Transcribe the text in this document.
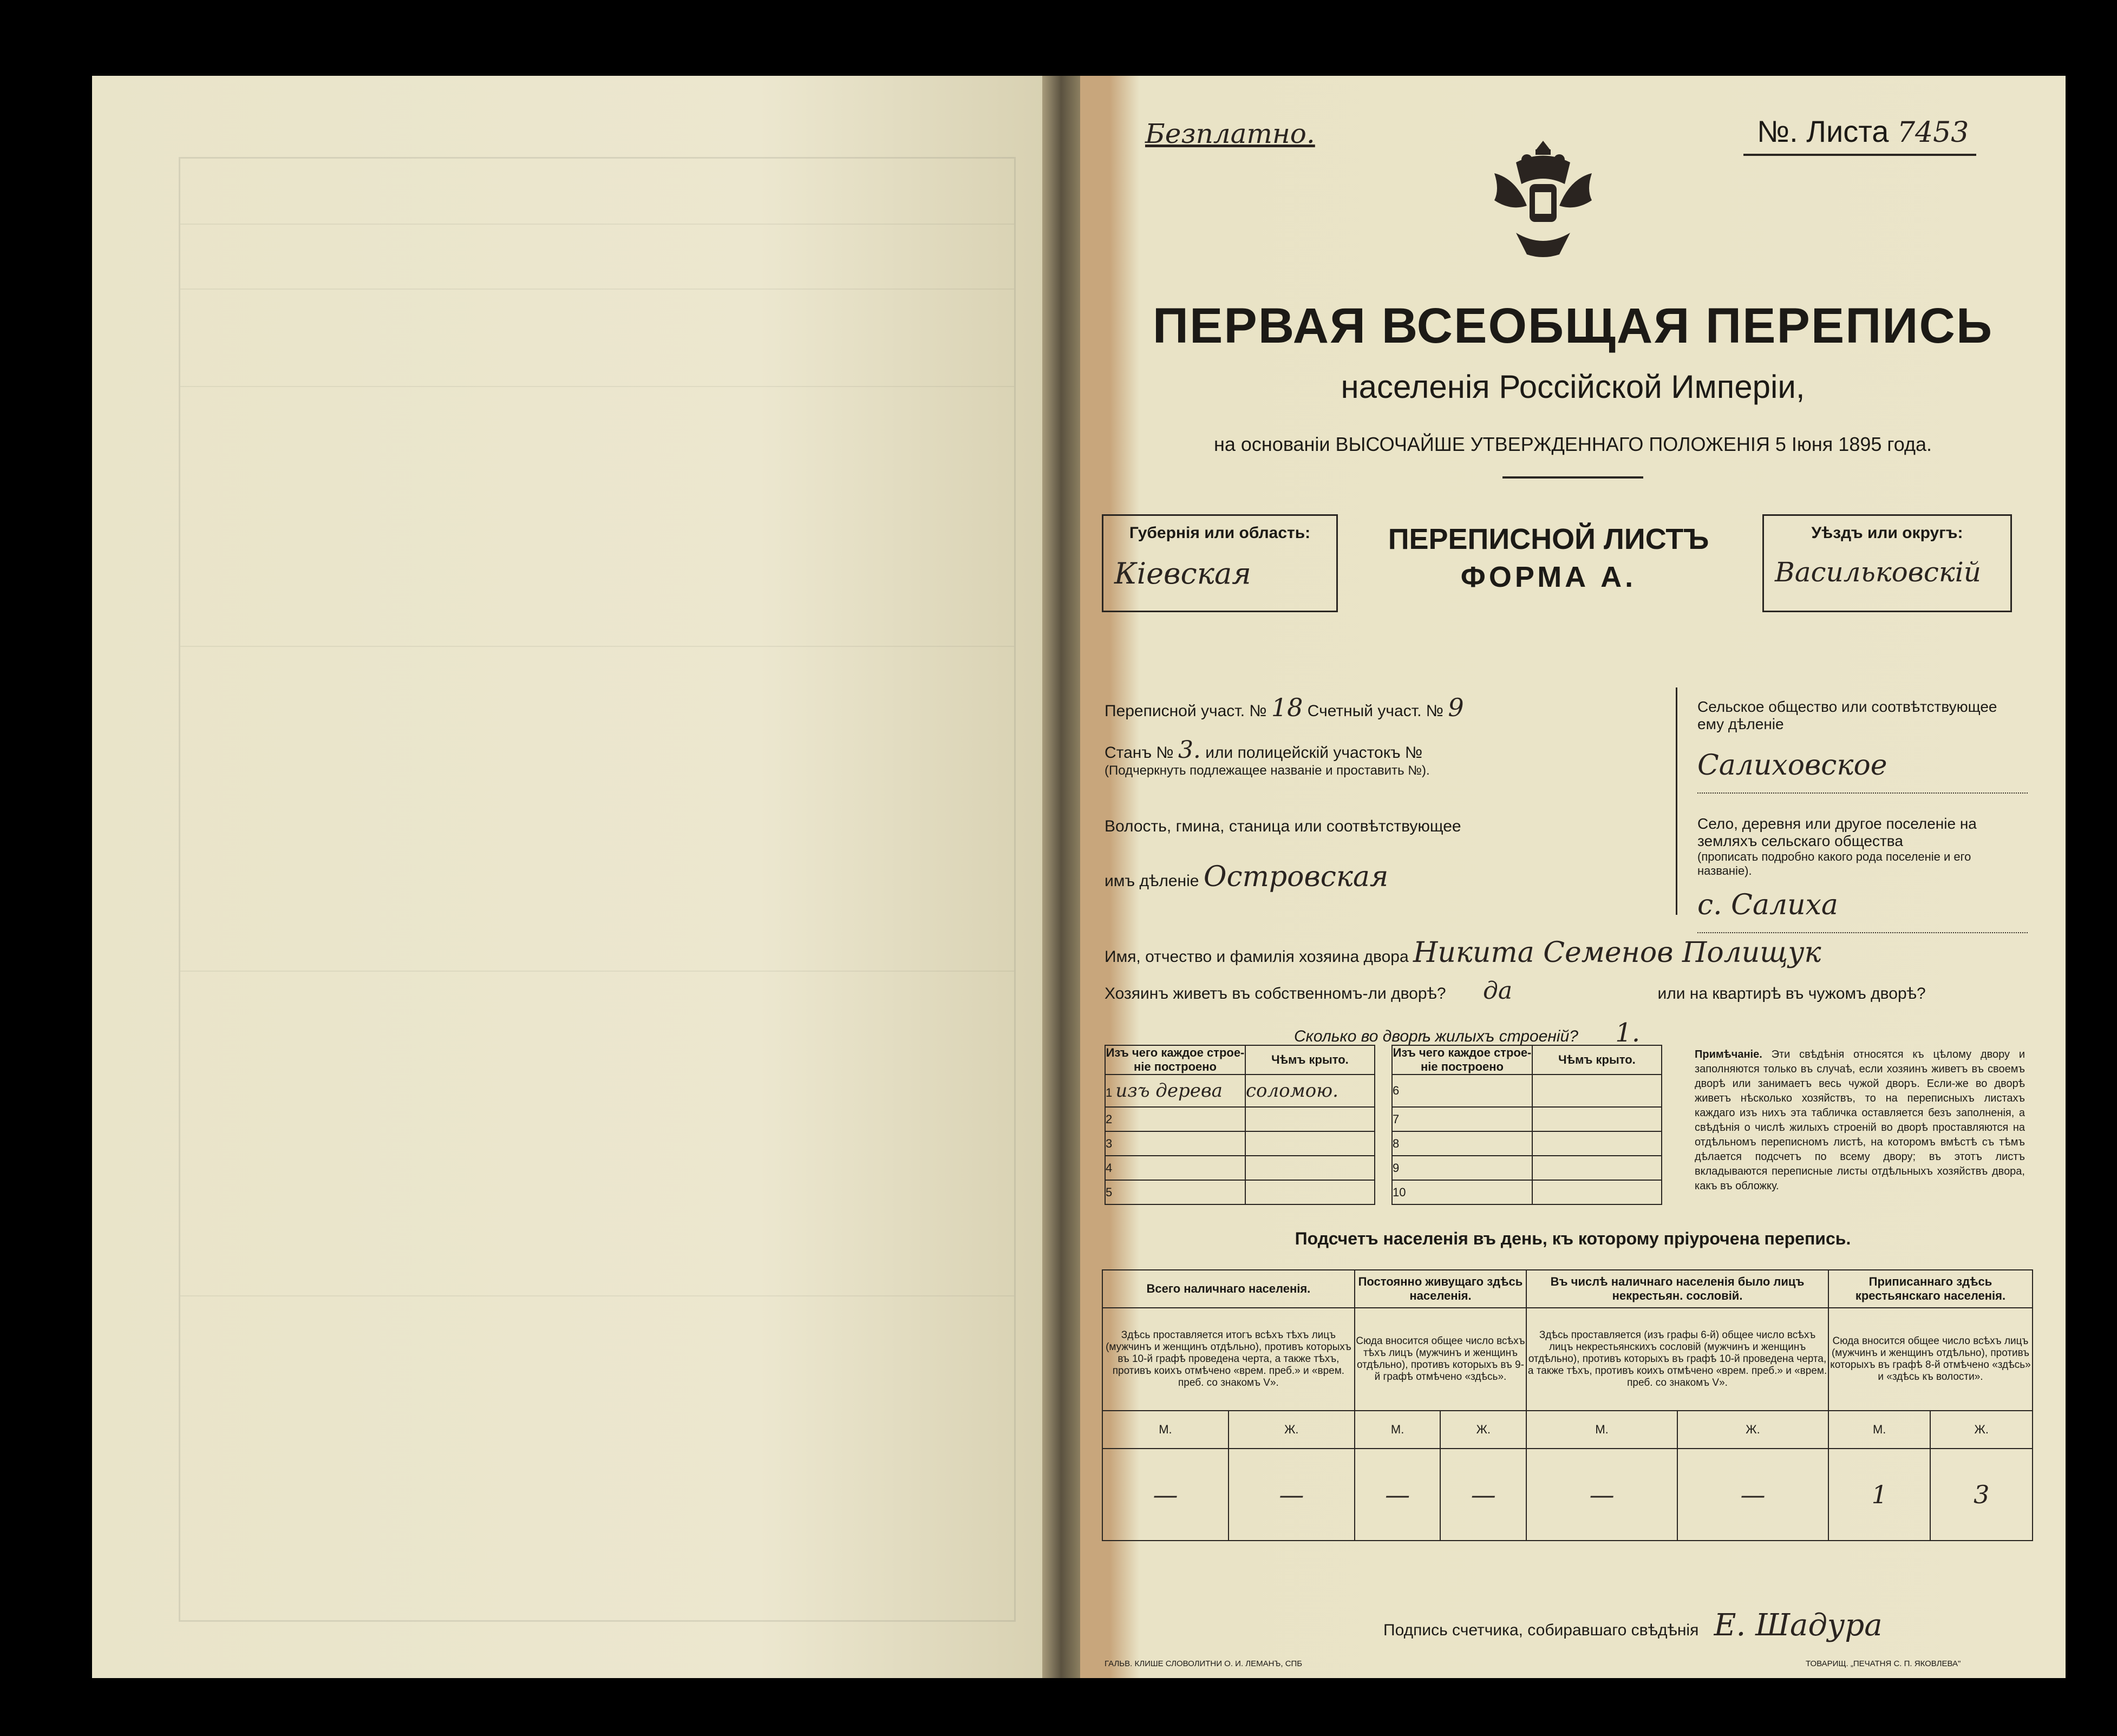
Безплатно.	№. Листа 7453
ПЕРВАЯ ВСЕОБЩАЯ ПЕРЕПИСЬ
населенія Россійской Имперіи,
на основаніи ВЫСОЧАЙШЕ УТВЕРЖДЕННАГО ПОЛОЖЕНІЯ 5 Іюня 1895 года.
Губернія или область:
Кіевская
ПЕРЕПИСНОЙ ЛИСТЪ
ФОРМА А.
Уѣздъ или округъ:
Васильковскій
Переписной участ. № 18 Счетный участ. № 9
Станъ № 3. или полицейскій участокъ №
(Подчеркнуть подлежащее названіе и проставить №).
Волость, гмина, станица или соотвѣтствующее
имъ дѣленіе Островская
Сельское общество или соотвѣтствующее ему дѣленіе
Салиховское
Село, деревня или другое поселеніе на земляхъ сельскаго общества
(прописать подробно какого рода поселеніе и его названіе).
с. Салиха
Имя, отчество и фамилія хозяина двора Никита Семенов Полищук
Хозяинъ живетъ въ собственномъ-ли дворѣ? да	или на квартирѣ въ чужомъ дворѣ?
Сколько во дворѣ жилыхъ строеній? 1.
Изъ чего каждое строе-ніе построено	Чѣмъ крыто.
1 изъ дерева	соломою.
2	
3	
4	
5	
Изъ чего каждое строе-ніе построено	Чѣмъ крыто.
6	
7	
8	
9	
10	
Примѣчаніе. Эти свѣдѣнія относятся къ цѣлому двору и заполняются только въ случаѣ, если хозяинъ живетъ въ своемъ дворѣ или занимаетъ весь чужой дворъ. Если-же во дворѣ живетъ нѣсколько хозяйствъ, то на переписныхъ листахъ каждаго изъ нихъ эта табличка оставляется безъ заполненія, а свѣдѣнія о числѣ жилыхъ строеній во дворѣ проставляются на отдѣльномъ переписномъ листѣ, на которомъ вмѣстѣ съ тѣмъ дѣлается подсчетъ по всему двору; въ этотъ листъ вкладываются переписные листы отдѣльныхъ хозяйствъ двора, какъ въ обложку.
Подсчетъ населенія въ день, къ которому пріурочена перепись.
Всего наличнаго населенія.		Постоянно живущаго здѣсь населенія.		Въ числѣ наличнаго населенія было лицъ некрестьян. сословій.		Приписаннаго здѣсь крестьянскаго населенія.	
Здѣсь проставляется итогъ всѣхъ тѣхъ лицъ (мужчинъ и женщинъ отдѣльно), противъ которыхъ въ 10-й графѣ проведена черта, а также тѣхъ, противъ коихъ отмѣчено «врем. преб.» и «врем. преб. со знакомъ V».		Сюда вносится общее число всѣхъ тѣхъ лицъ (мужчинъ и женщинъ отдѣльно), противъ которыхъ въ 9-й графѣ отмѣчено «здѣсь».		Здѣсь проставляется (изъ графы 6-й) общее число всѣхъ лицъ некрестьянскихъ сословій (мужчинъ и женщинъ отдѣльно), противъ которыхъ въ графѣ 10-й проведена черта, а также тѣхъ, противъ коихъ отмѣчено «врем. преб.» и «врем. преб. со знакомъ V».		Сюда вносится общее число всѣхъ лицъ (мужчинъ и женщинъ отдѣльно), противъ которыхъ въ графѣ 8-й отмѣчено «здѣсь» и «здѣсь къ волости».	
М.	Ж.	М.	Ж.	М.	Ж.	М.	Ж.
—	—	—	—	—	—	1	3
Подпись счетчика, собиравшаго свѣдѣнія Е. Шадура
ГАЛЬВ. КЛИШЕ СЛОВОЛИТНИ О. И. ЛЕМАНЪ, СПБ	ТОВАРИЩ. „ПЕЧАТНЯ С. П. ЯКОВЛЕВА"
